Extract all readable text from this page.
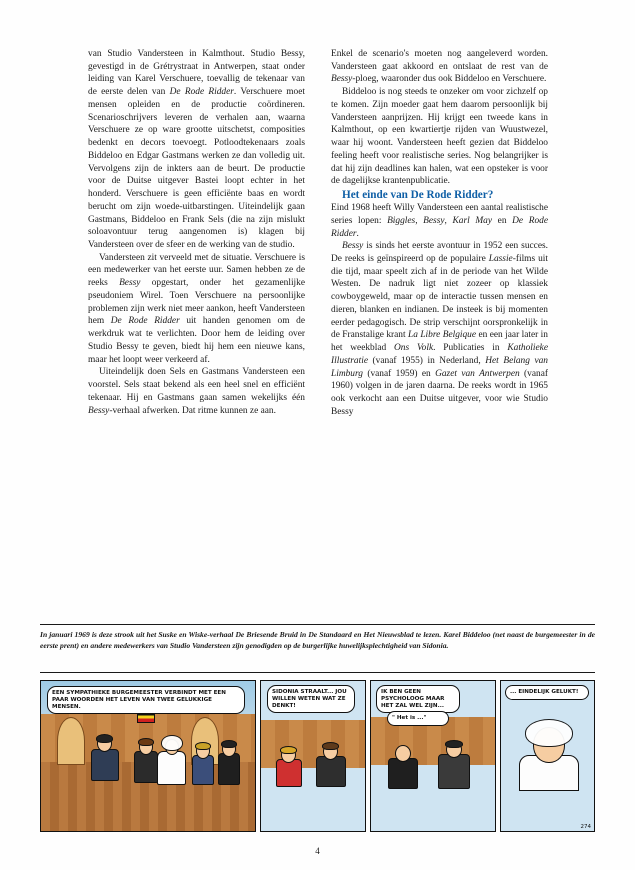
van Studio Vandersteen in Kalmthout. Studio Bessy, gevestigd in de Grétrystraat in Antwerpen, staat onder leiding van Karel Verschuere, toevallig de tekenaar van de eerste delen van De Rode Ridder. Verschuere moet mensen opleiden en de productie coördineren. Scenarioschrijvers leveren de verhalen aan, waarna Verschuere ze op ware grootte uitschetst, composities bedenkt en decors toevoegt. Potloodtekenaars zoals Biddeloo en Edgar Gastmans werken ze dan volledig uit. Vervolgens zijn de inkters aan de beurt. De productie voor de Duitse uitgever Bastei loopt echter in het honderd. Verschuere is geen efficiënte baas en wordt berucht om zijn woede-uitbarstingen. Uiteindelijk gaan Gastmans, Biddeloo en Frank Sels (die na zijn mislukt soloavontuur terug aangenomen is) klagen bij Vandersteen over de sfeer en de werking van de studio.

Vandersteen zit verveeld met de situatie. Verschuere is een medewerker van het eerste uur. Samen hebben ze de reeks Bessy opgestart, onder het gezamenlijke pseudoniem Wirel. Toen Verschuere na persoonlijke problemen zijn werk niet meer aankon, heeft Vandersteen hem De Rode Ridder uit handen genomen om de werkdruk wat te verlichten. Door hem de leiding over Studio Bessy te geven, biedt hij hem een nieuwe kans, maar het loopt weer verkeerd af.

Uiteindelijk doen Sels en Gastmans Vandersteen een voorstel. Sels staat bekend als een heel snel en efficiënt tekenaar. Hij en Gastmans gaan samen wekelijks één Bessy-verhaal afwerken. Dat ritme kunnen ze aan.

Enkel de scenario's moeten nog aangeleverd worden. Vandersteen gaat akkoord en ontslaat de rest van de Bessy-ploeg, waaronder dus ook Biddeloo en Verschuere.

Biddeloo is nog steeds te onzeker om voor zichzelf op te komen. Zijn moeder gaat hem daarom persoonlijk bij Vandersteen aanprijzen. Hij krijgt een tweede kans in Kalmthout, op een kwartiertje rijden van Wuustwezel, waar hij woont. Vandersteen heeft gezien dat Biddeloo feeling heeft voor realistische series. Nog belangrijker is dat hij zijn deadlines kan halen, wat een opsteker is voor de dagelijkse krantenpublicatie.

Het einde van De Rode Ridder?

Eind 1968 heeft Willy Vandersteen een aantal realistische series lopen: Biggles, Bessy, Karl May en De Rode Ridder.

Bessy is sinds het eerste avontuur in 1952 een succes. De reeks is geïnspireerd op de populaire Lassie-films uit die tijd, maar speelt zich af in de periode van het Wilde Westen. De nadruk ligt niet zozeer op klassiek cowboygeweld, maar op de interactie tussen mensen en dieren, blanken en indianen. De insteek is bij momenten eerder pedagogisch. De strip verschijnt oorspronkelijk in de Franstalige krant La Libre Belgique en een jaar later in het weekblad Ons Volk. Publicaties in Katholieke Illustratie (vanaf 1955) in Nederland, Het Belang van Limburg (vanaf 1959) en Gazet van Antwerpen (vanaf 1960) volgen in de jaren daarna. De reeks wordt in 1965 ook verkocht aan een Duitse uitgever, voor wie Studio Bessy

In januari 1969 is deze strook uit het Suske en Wiske-verhaal De Briesende Bruid in De Standaard en Het Nieuwsblad te lezen. Karel Biddeloo (net naast de burgemeester in de eerste prent) en andere medewerkers van Studio Vandersteen zijn genodigden op de burgerlijke huwelijksplechtigheid van Sidonia.
EEN SYMPATHIEKE BURGEMEESTER VERBINDT MET EEN PAAR WOORDEN HET LEVEN VAN TWEE GELUKKIGE MENSEN.
SIDONIA STRAALT... JOU WILLEN WETEN WAT ZE DENKT!
IK BEN GEEN PSYCHOLOOG MAAR HET ZAL WEL ZIJN...
" Het is ..."
... EINDELIJK GELUKT!
274
4
